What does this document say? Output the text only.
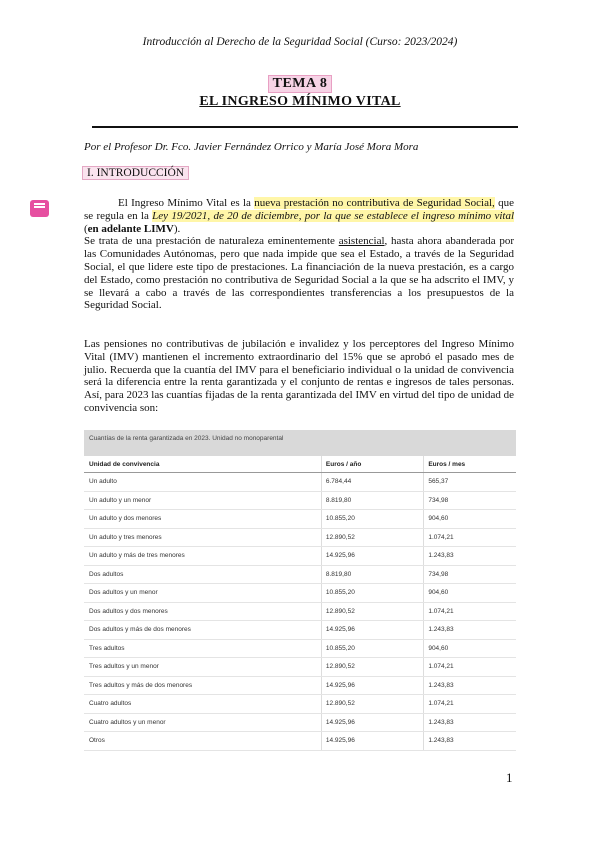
Introducción al Derecho de la Seguridad Social (Curso: 2023/2024)
TEMA 8
EL INGRESO MÍNIMO VITAL
Por el Profesor Dr. Fco. Javier Fernández Orrico y María José Mora Mora
I. INTRODUCCIÓN
El Ingreso Mínimo Vital es la nueva prestación no contributiva de Seguridad Social, que se regula en la Ley 19/2021, de 20 de diciembre, por la que se establece el ingreso mínimo vital (en adelante LIMV).
Se trata de una prestación de naturaleza eminentemente asistencial, hasta ahora abanderada por las Comunidades Autónomas, pero que nada impide que sea el Estado, a través de la Seguridad Social, el que lidere este tipo de prestaciones. La financiación de la nueva prestación, es a cargo del Estado, como prestación no contributiva de Seguridad Social a la que se ha adscrito el IMV, y se llevará a cabo a través de las correspondientes transferencias a los presupuestos de la Seguridad Social.
Las pensiones no contributivas de jubilación e invalidez y los perceptores del Ingreso Mínimo Vital (IMV) mantienen el incremento extraordinario del 15% que se aprobó el pasado mes de julio. Recuerda que la cuantía del IMV para el beneficiario individual o la unidad de convivencia será la diferencia entre la renta garantizada y el conjunto de rentas e ingresos de tales personas. Así, para 2023 las cuantías fijadas de la renta garantizada del IMV en virtud del tipo de unidad de convivencia son:
Cuantías de la renta garantizada en 2023. Unidad no monoparental
Unidad de convivencia	Euros / año	Euros / mes
Un adulto	6.784,44	565,37
Un adulto y un menor	8.819,80	734,98
Un adulto y dos menores	10.855,20	904,60
Un adulto y tres menores	12.890,52	1.074,21
Un adulto y más de tres menores	14.925,96	1.243,83
Dos adultos	8.819,80	734,98
Dos adultos y un menor	10.855,20	904,60
Dos adultos y dos menores	12.890,52	1.074,21
Dos adultos y más de dos menores	14.925,96	1.243,83
Tres adultos	10.855,20	904,60
Tres adultos y un menor	12.890,52	1.074,21
Tres adultos y más de dos menores	14.925,96	1.243,83
Cuatro adultos	12.890,52	1.074,21
Cuatro adultos y un menor	14.925,96	1.243,83
Otros	14.925,96	1.243,83
1
